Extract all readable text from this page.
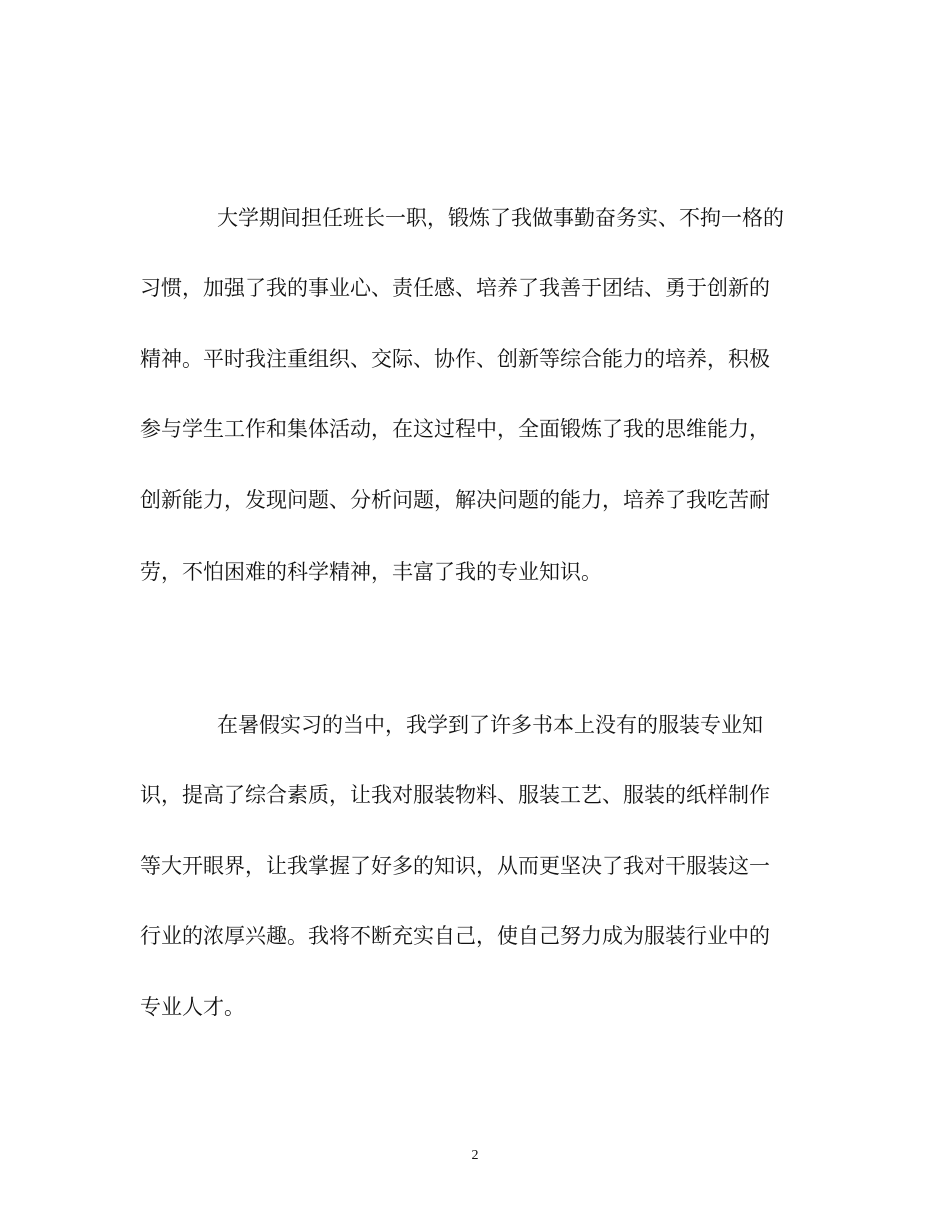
大学期间担任班长一职，锻炼了我做事勤奋务实、不拘一格的
习惯，加强了我的事业心、责任感、培养了我善于团结、勇于创新的
精神。平时我注重组织、交际、协作、创新等综合能力的培养，积极
参与学生工作和集体活动，在这过程中，全面锻炼了我的思维能力，
创新能力，发现问题、分析问题，解决问题的能力，培养了我吃苦耐
劳，不怕困难的科学精神，丰富了我的专业知识。
在暑假实习的当中，我学到了许多书本上没有的服装专业知
识，提高了综合素质，让我对服装物料、服装工艺、服装的纸样制作
等大开眼界，让我掌握了好多的知识，从而更坚决了我对干服装这一
行业的浓厚兴趣。我将不断充实自己，使自己努力成为服装行业中的
专业人才。
2
